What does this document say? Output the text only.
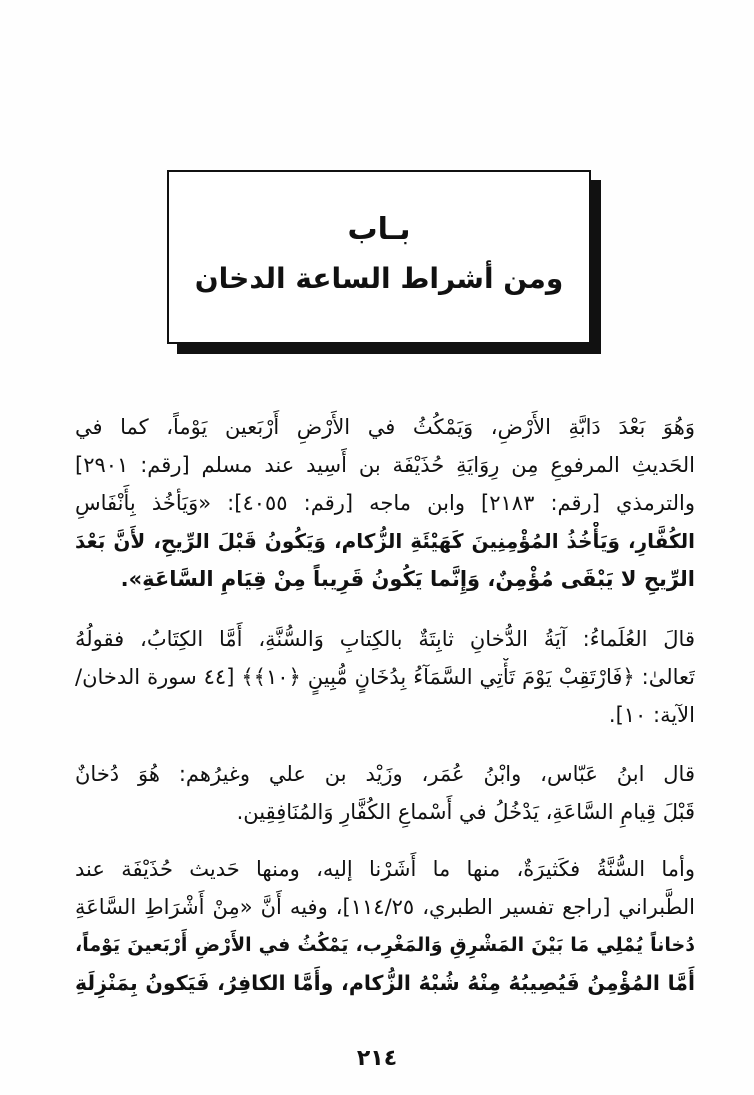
بـاب
ومن أشراط الساعة الدخان
وَهُوَ بَعْدَ دَابَّةِ الأَرْضِ، وَيَمْكُثُ في الأَرْضِ أَرْبَعين يَوْماً، كما في
الحَديثِ المرفوعِ مِن رِوَايَةِ حُذَيْفَة بن أَسِيد عند مسلم [رقم: ٢٩٠١]
والترمذي [رقم: ٢١٨٣] وابن ماجه [رقم: ٤٠٥٥]: «وَيَأخُذ بِأَنْفَاسِ
الكُفَّارِ، وَيَأْخُذُ المُؤْمِنِينَ كَهَيْئَةِ الزُّكام، وَيَكُونُ قَبْلَ الرِّيحِ، لأَنَّ بَعْدَ
الرِّيحِ لا يَبْقَى مُؤْمِنٌ، وَإِنَّما يَكُونُ قَرِيباً مِنْ قِيَامِ السَّاعَةِ».
قالَ العُلَماءُ: آيَةُ الدُّخانِ ثابِتَةٌ بالكِتابِ وَالسُّنَّةِ، أَمَّا الكِتَابُ، فقولُهُ
تَعالىٰ: ﴿فَارْتَقِبْ يَوْمَ تَأْتِي السَّمَآءُ بِدُخَانٍ مُّبِينٍ ﴿١٠﴾﴾ [٤٤ سورة الدخان/
الآية: ١٠].
قال ابنُ عَبّاس، وابْنُ عُمَر، وزَيْد بن علي وغيرُهم: هُوَ دُخانٌ
قَبْلَ قِيامِ السَّاعَةِ، يَدْخُلُ في أَسْماعِ الكُفَّارِ وَالمُنَافِقِين.
وأما السُّنَّةُ فكَثيرَةٌ، منها ما أَشَرْنا إليه، ومنها حَديث حُذَيْفَة عند
الطَّبراني [راجع تفسير الطبري، ١١٤/٢٥]، وفيه أَنَّ «مِنْ أَشْرَاطِ السَّاعَةِ
دُخاناً يُمْلِي مَا بَيْنَ المَشْرِقِ وَالمَغْرِب، يَمْكُثُ في الأَرْضِ أَرْبَعينَ يَوْماً،
أَمَّا المُؤْمِنُ فَيُصِيبُهُ مِنْهُ شُبْهُ الزُّكام، وأَمَّا الكافِرُ، فَيَكونُ بِمَنْزِلَةِ
٢١٤
